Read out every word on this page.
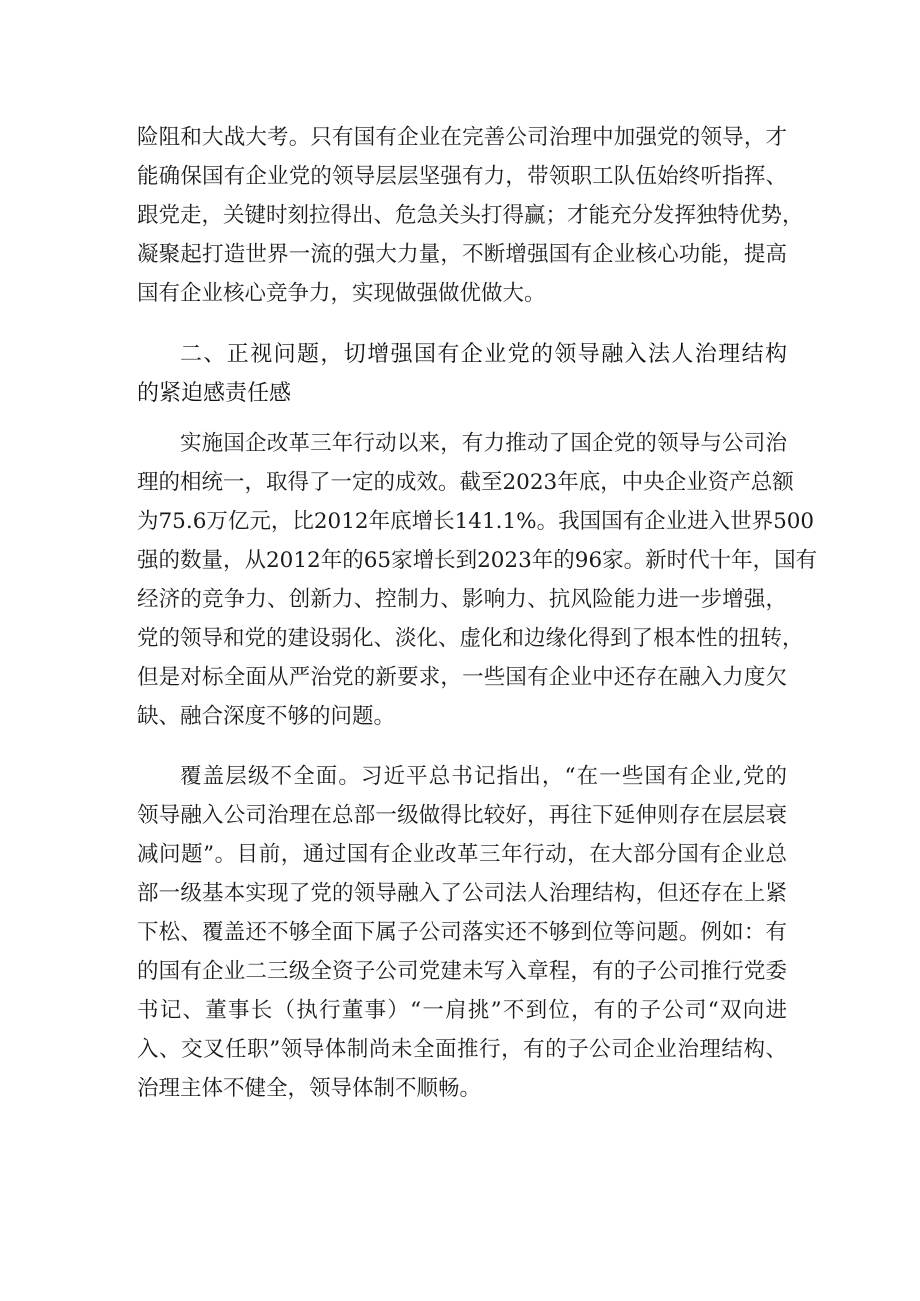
险阻和大战大考。只有国有企业在完善公司治理中加强党的领导，才
能确保国有企业党的领导层层坚强有力，带领职工队伍始终听指挥、
跟党走，关键时刻拉得出、危急关头打得赢；才能充分发挥独特优势，
凝聚起打造世界一流的强大力量，不断增强国有企业核心功能，提高
国有企业核心竞争力，实现做强做优做大。
二、正视问题，切增强国有企业党的领导融入法人治理结构
的紧迫感责任感
实施国企改革三年行动以来，有力推动了国企党的领导与公司治
理的相统一，取得了一定的成效。截至2023年底，中央企业资产总额
为75.6万亿元，比2012年底增长141.1%。我国国有企业进入世界500
强的数量，从2012年的65家增长到2023年的96家。新时代十年，国有
经济的竞争力、创新力、控制力、影响力、抗风险能力进一步增强，
党的领导和党的建设弱化、淡化、虚化和边缘化得到了根本性的扭转，
但是对标全面从严治党的新要求，一些国有企业中还存在融入力度欠
缺、融合深度不够的问题。
覆盖层级不全面。习近平总书记指出，“在一些国有企业,党的
领导融入公司治理在总部一级做得比较好，再往下延伸则存在层层衰
减问题”。目前，通过国有企业改革三年行动，在大部分国有企业总
部一级基本实现了党的领导融入了公司法人治理结构，但还存在上紧
下松、覆盖还不够全面下属子公司落实还不够到位等问题。例如：有
的国有企业二三级全资子公司党建未写入章程，有的子公司推行党委
书记、董事长（执行董事）“一肩挑”不到位，有的子公司“双向进
入、交叉任职”领导体制尚未全面推行，有的子公司企业治理结构、
治理主体不健全，领导体制不顺畅。
